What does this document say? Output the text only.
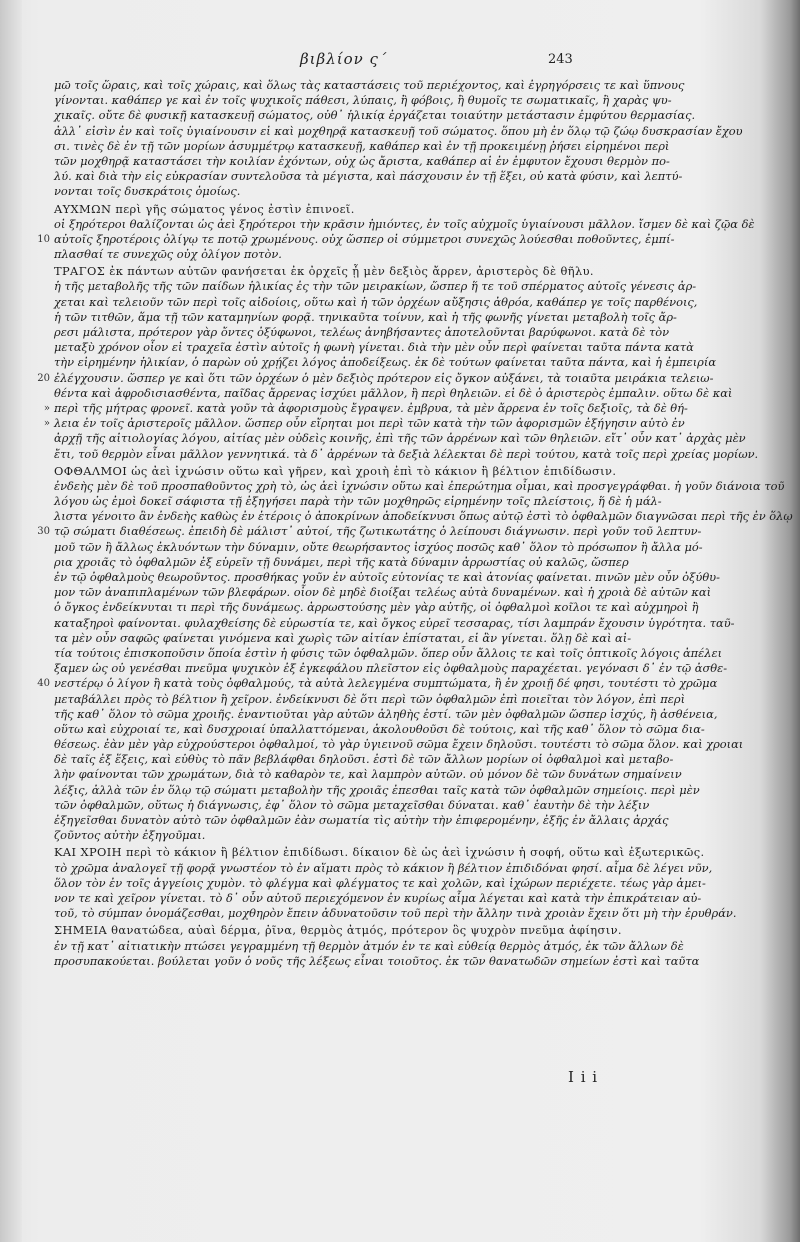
βιβλίον ς΄	243
μῶ τοῖς ὥραις, καὶ τοῖς χώραις, καὶ ὅλως τὰς καταστάσεις τοῦ περιέχοντος, καὶ ἐγρηγόρσεις τε καὶ ὕπνους
γίνονται. καθάπερ γε καὶ ἐν τοῖς ψυχικοῖς πάθεσι, λύπαις, ἢ φόβοις, ἢ θυμοῖς τε σωματικαῖς, ἢ χαρὰς ψυ-
χικαῖς. οὔτε δὲ φυσικῇ κατασκευῇ σώματος, οὐθ᾿ ἡλικίᾳ ἐργάζεται τοιαύτην μετάστασιν ἐμφύτου θερμασίας.
ἀλλ᾿ εἰσὶν ἐν καὶ τοῖς ὑγιαίνουσιν εἰ καὶ μοχθηρᾷ κατασκευῇ τοῦ σώματος. ὅπου μὴ ἐν ὅλῳ τῷ ζώῳ δυσκρασίαν ἔχου
σι. τινὲς δὲ ἐν τῇ τῶν μορίων ἀσυμμέτρῳ κατασκευῇ, καθάπερ καὶ ἐν τῇ προκειμένῃ ῥήσει εἰρημένοι περὶ
τῶν μοχθηρᾷ καταστάσει τὴν κοιλίαν ἐχόντων, οὐχ ὡς ἄριστα, καθάπερ αἰ ἐν ἐμφυτον ἔχουσι θερμὸν πο-
λύ. καὶ διὰ τὴν εἰς εὐκρασίαν συντελοῦσα τὰ μέγιστα, καὶ πάσχουσιν ἐν τῇ ἕξει, οὐ κατὰ φύσιν, καὶ λεπτύ-
νονται τοῖς δυσκράτοις ὁμοίως.
ΑΥΧΜΩΝ περὶ γῆς σώματος γένος ἐστὶν ἐπινοεῖ.
οἱ ξηρότεροι θαλίζονται ὡς ἀεὶ ξηρότεροι τὴν κρᾶσιν ἠμιόντες, ἐν τοῖς αὐχμοῖς ὑγιαίνουσι μᾶλλον. ἴσμεν δὲ καὶ ζῷα δὲ
10 αὐτοῖς ξηροτέροις ὀλίγῳ τε ποτῷ χρωμένους. οὐχ ὥσπερ οἱ σύμμετροι συνεχῶς λούεσθαι ποθοῦντες, ἐμπί-
πλασθαί τε συνεχῶς οὐχ ὀλίγον ποτὸν.
ΤΡΑΓΟΣ ἐκ πάντων αὐτῶν φανήσεται ἐκ ὀρχεῖς ᾖ μὲν δεξιὸς ἄρρεν, ἀριστερὸς δὲ θῆλυ.
ἡ τῆς μεταβολῆς τῆς τῶν παίδων ἡλικίας ἐς τὴν τῶν μειρακίων, ὥσπερ ἥ τε τοῦ σπέρματος αὐτοῖς γένεσις ἀρ-
χεται καὶ τελειοῦν τῶν περὶ τοῖς αἰδοίοις, οὕτω καὶ ἡ τῶν ὀρχέων αὔξησις ἀθρόα, καθάπερ γε τοῖς παρθένοις,
ἡ τῶν τιτθῶν, ἅμα τῇ τῶν καταμηνίων φορᾷ. τηνικαῦτα τοίνυν, καὶ ἡ τῆς φωνῆς γίνεται μεταβολὴ τοῖς ἄρ-
ρεσι μάλιστα, πρότερον γὰρ ὄντες ὀξύφωνοι, τελέως ἀνηβήσαντες ἀποτελοῦνται βαρύφωνοι. κατὰ δὲ τὸν
μεταξὺ χρόνον οἷον εἰ τραχεῖα ἐστὶν αὐτοῖς ἡ φωνὴ γίνεται. διὰ τὴν μὲν οὖν περὶ φαίνεται ταῦτα πάντα κατὰ
τὴν εἰρημένην ἡλικίαν, ὁ παρὼν οὐ χρῄζει λόγος ἀποδείξεως. ἐκ δὲ τούτων φαίνεται ταῦτα πάντα, καὶ ἡ ἐμπειρία
20 ἐλέγχουσιν. ὥσπερ γε καὶ ὅτι τῶν ὀρχέων ὁ μὲν δεξιὸς πρότερον εἰς ὄγκον αὐξάνει, τὰ τοιαῦτα μειράκια τελειω-
θέντα καὶ ἀφροδισιασθέντα, παῖδας ἄρρενας ἰσχύει μᾶλλον, ἢ περὶ θηλειῶν. εἰ δὲ ὁ ἀριστερὸς ἐμπαλιν. οὕτω δὲ καὶ
» περὶ τῆς μήτρας φρονεῖ. κατὰ γοῦν τὰ ἀφορισμοὺς ἔγραψεν. ἐμβρυα, τὰ μὲν ἄρρενα ἐν τοῖς δεξιοῖς, τὰ δὲ θή-
» λεια ἐν τοῖς ἀριστεροῖς μᾶλλον. ὥσπερ οὖν εἴρηται μοι περὶ τῶν κατὰ τὴν τῶν ἀφορισμῶν ἐξήγησιν αὐτὸ ἐν
ἀρχῇ τῆς αἰτιολογίας λόγου, αἰτίας μὲν οὐδεὶς κοινῆς, ἐπὶ τῆς τῶν ἀρρένων καὶ τῶν θηλειῶν. εἴτ᾿ οὖν κατ᾿ ἀρχὰς μὲν
ἔτι, τοῦ θερμὸν εἶναι μᾶλλον γεννητικά. τὰ δ᾿ ἀρρένων τὰ δεξιὰ λέλεκται δὲ περὶ τούτου, κατὰ τοῖς περὶ χρείας μορίων.
ΟΦΘΑΛΜΟΙ ὡς ἀεὶ ἰχνώσιν οὕτω καὶ γῆρεν, καὶ χροιὴ ἐπὶ τὸ κάκιον ἢ βέλτιον ἐπιδίδωσιν.
ἐνδεὴς μὲν δὲ τοῦ προσπαθοῦντος χρὴ τὸ, ὡς ἀεὶ ἰχνώσιν οὕτω καὶ ἐπερώτημα οἶμαι, καὶ προσγεγράφθαι. ἡ γοῦν διάνοια τοῦ
λόγου ὡς ἐμοὶ δοκεῖ σάφιστα τῇ ἐξηγήσει παρὰ τὴν τῶν μοχθηρῶς εἰρημένην τοῖς πλείστοις, ἥ δὲ ἡ μάλ-
λιστα γένοιτο ἂν ἐνδεὴς καθὼς ἐν ἑτέροις ὁ ἀποκρίνων ἀποδείκνυσι ὅπως αὐτῷ ἐστὶ τὸ ὀφθαλμῶν διαγνῶσαι περὶ τῆς ἐν ὅλῳ
30 τῷ σώματι διαθέσεως. ἐπειδὴ δὲ μάλιστ᾿ αὐτοί, τῆς ζωτικωτάτης ὁ λείπουσι διάγνωσιν. περὶ γοῦν τοῦ λεπτυν-
μοῦ τῶν ἢ ἄλλως ἐκλυόντων τὴν δύναμιν, οὔτε θεωρήσαντος ἰσχύος ποσῶς καθ᾿ ὅλον τὸ πρόσωπον ἢ ἄλλα μό-
ρια χροιᾶς τὸ ὀφθαλμῶν ἐξ εὑρεῖν τῇ δυνάμει, περὶ τῆς κατὰ δύναμιν ἀρρωστίας οὐ καλῶς, ὥσπερ
ἐν τῷ ὀφθαλμοὺς θεωροῦντος. προσθήκας γοῦν ἐν αὐτοῖς εὐτονίας τε καὶ ἀτονίας φαίνεται. πινῶν μὲν οὖν ὀξύθυ-
μον τῶν ἀναπιπλαμένων τῶν βλεφάρων. οἷον δὲ μηδὲ διοίξαι τελέως αὐτὰ δυναμένων. καὶ ἡ χροιὰ δὲ αὐτῶν καὶ
ὁ ὄγκος ἐνδείκνυται τι περὶ τῆς δυνάμεως. ἀρρωστούσης μὲν γὰρ αὐτῆς, οἱ ὀφθαλμοὶ κοῖλοι τε καὶ αὐχμηροὶ ἢ
καταξηροὶ φαίνονται. φυλαχθείσης δὲ εὐρωστία τε, καὶ ὄγκος εὐρεῖ τεσσαρας, τίσι λαμπράν ἔχουσιν ὑγρότητα. ταῦ-
τα μὲν οὖν σαφῶς φαίνεται γινόμενα καὶ χωρὶς τῶν αἰτίαν ἐπίσταται, εἰ ἂν γίνεται. ὅλῃ δὲ καὶ αἰ-
τία τούτοις ἐπισκοποῦσιν ὅποία ἐστὶν ἡ φύσις τῶν ὀφθαλμῶν. ὅπερ οὖν ἄλλοις τε καὶ τοῖς ὀπτικοῖς λόγοις ἀπέλει
ξαμεν ὡς οὐ γενέσθαι πνεῦμα ψυχικὸν ἐξ ἐγκεφάλου πλεῖστον εἰς ὀφθαλμοὺς παραχέεται. γεγόνασι δ᾿ ἐν τῷ ἀσθε-
40 νεστέρῳ ὁ λίγον ἢ κατὰ τοὺς ὀφθαλμούς, τὰ αὐτὰ λελεγμένα συμπτώματα, ἢ ἐν χροιῇ δέ φησι, τουτέστι τὸ χρῶμα
μεταβάλλει πρὸς τὸ βέλτιον ἢ χεῖρον. ἐνδείκνυσι δὲ ὅτι περὶ τῶν ὀφθαλμῶν ἐπὶ ποιεῖται τὸν λόγον, ἐπὶ περὶ
τῆς καθ᾿ ὅλον τὸ σῶμα χροιῆς. ἐναντιοῦται γὰρ αὐτῶν ἀληθὴς ἐστί. τῶν μὲν ὀφθαλμῶν ὥσπερ ἰσχύς, ἢ ἀσθένεια,
οὕτω καὶ εὐχροιαί τε, καὶ δυσχροιαί ὑπαλλαττόμεναι, ἀκολουθοῦσι δὲ τούτοις, καὶ τῆς καθ᾿ ὅλον τὸ σῶμα δια-
θέσεως. ἐὰν μὲν γὰρ εὐχρούστεροι ὀφθαλμοί, τὸ γὰρ ὑγιεινοῦ σῶμα ἔχειν δηλοῦσι. τουτέστι τὸ σῶμα ὅλον. καὶ χροιαι
δὲ ταῖς ἐξ ἕξεις, καὶ εὐθὺς τὸ πᾶν βεβλάφθαι δηλοῦσι. ἐστὶ δὲ τῶν ἄλλων μορίων οἱ ὀφθαλμοὶ καὶ μεταβο-
λὴν φαίνονται τῶν χρωμάτων, διὰ τὸ καθαρὸν τε, καὶ λαμπρὸν αὐτῶν. οὐ μόνον δὲ τῶν δυνάτων σημαίνειν
λέξις, ἀλλὰ τῶν ἐν ὅλῳ τῷ σώματι μεταβολὴν τῆς χροιᾶς ἐπεσθαι ταῖς κατὰ τῶν ὀφθαλμῶν σημείοις. περὶ μὲν
τῶν ὀφθαλμῶν, οὕτως ἡ διάγνωσις, ἐφ᾿ ὅλον τὸ σῶμα μεταχεῖσθαι δύναται. καθ᾿ ἑαυτὴν δὲ τὴν λέξιν
ἐξηγεῖσθαι δυνατὸν αὐτὸ τῶν ὀφθαλμῶν ἐὰν σωματία τὶς αὐτὴν τὴν ἐπιφερομένην, ἐξῆς ἐν ἄλλαις ἀρχάς
ζοῦντος αὐτὴν ἐξηγοῦμαι.
ΚΑΙ ΧΡΟΙΗ περὶ τὸ κάκιον ἢ βέλτιον ἐπιδίδωσι. δίκαιον δὲ ὡς ἀεὶ ἰχνώσιν ἡ σοφή, οὕτω καὶ ἐξωτερικῶς.
τὸ χρῶμα ἀναλογεῖ τῇ φορᾷ γνωστέον τὸ ἐν αἵματι πρὸς τὸ κάκιον ἢ βέλτιον ἐπιδιδόναι φησί. αἷμα δὲ λέγει νῦν,
ὅλον τὸν ἐν τοῖς ἀγγείοις χυμὸν. τὸ φλέγμα καὶ φλέγματος τε καὶ χολῶν, καὶ ἰχώρων περιέχετε. τέως γὰρ ἀμει-
νον τε καὶ χεῖρον γίνεται. τὸ δ᾿ οὖν αὐτοῦ περιεχόμενον ἐν κυρίως αἷμα λέγεται καὶ κατὰ τὴν ἐπικράτειαν αὐ-
τοῦ, τὸ σύμπαν ὀνομάζεσθαι, μοχθηρὸν ἔπειν ἀδυνατοῦσιν τοῦ περὶ τὴν ἄλλην τινὰ χροιὰν ἔχειν ὅτι μὴ τὴν ἐρυθράν.
ΣΗΜΕΙΑ θανατώδεα, αὐαὶ δέρμα, ῥῖνα, θερμὸς ἀτμός, πρότερον ὃς ψυχρὸν πνεῦμα ἀφίησιν.
ἐν τῇ κατ᾿ αἰτιατικὴν πτώσει γεγραμμένη τῇ θερμὸν ἀτμόν ἐν τε καὶ εὐθείᾳ θερμὸς ἀτμός, ἐκ τῶν ἄλλων δὲ
προσυπακούεται. βούλεται γοῦν ὁ νοῦς τῆς λέξεως εἶναι τοιοῦτος. ἐκ τῶν θανατωδῶν σημείων ἐστὶ καὶ ταῦτα
I i i
